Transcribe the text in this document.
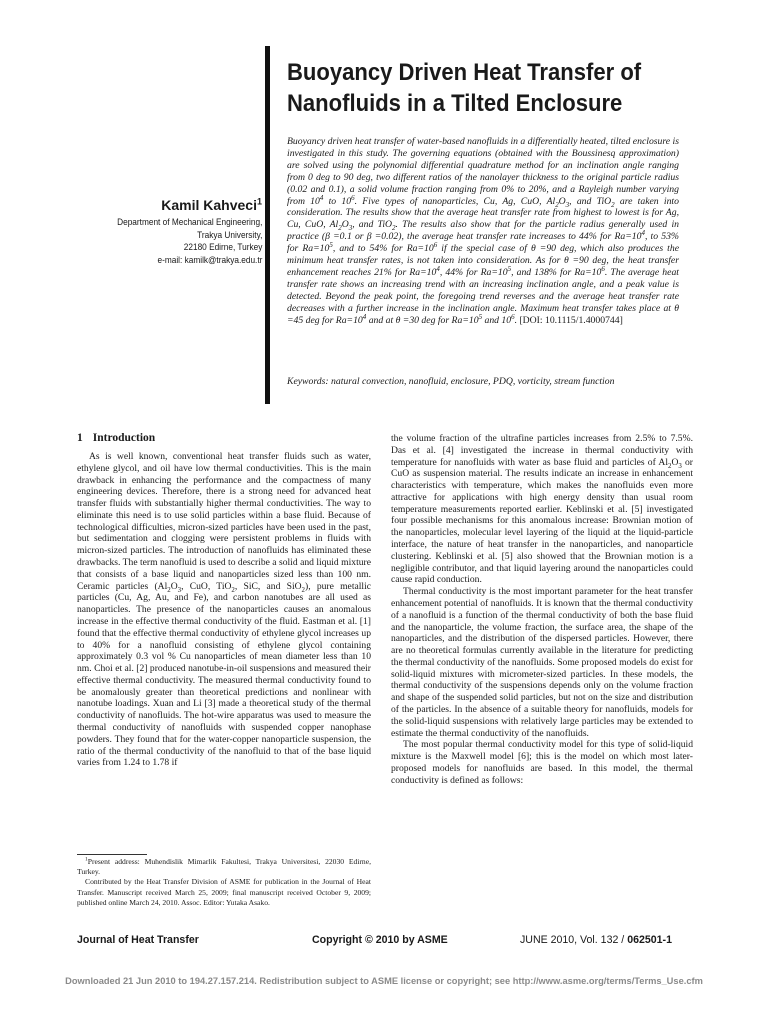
Buoyancy Driven Heat Transfer of
Nanofluids in a Tilted Enclosure
Kamil Kahveci$^1$
Department of Mechanical Engineering,
Trakya University,
22180 Edirne, Turkey
e-mail: kamilk@trakya.edu.tr

Buoyancy driven heat transfer of water-based nanofluids in a differentially heated, tilted enclosure is investigated in this study. The governing equations (obtained with the Boussinesq approximation) are solved using the polynomial differential quadrature method for an inclination angle ranging from 0 deg to 90 deg, two different ratios of the nanolayer thickness to the original particle radius (0.02 and 0.1), a solid volume fraction ranging from 0% to 20%, and a Rayleigh number varying from $10^4$ to $10^6$. Five types of nanoparticles, Cu, Ag, CuO, $Al_2O_3$, and TiO$_2$ are taken into consideration. The results show that the average heat transfer rate from highest to lowest is for Ag, Cu, CuO, $Al_2O_3$, and TiO$_2$. The results also show that for the particle radius generally used in practice (β =0.1 or β =0.02), the average heat transfer rate increases to 44% for $Ra=10^4$, to 53% for $Ra=10^5$, and to 54% for $Ra=10^6$ if the special case of θ =90 deg, which also produces the minimum heat transfer rates, is not taken into consideration. As for θ =90 deg, the heat transfer enhancement reaches 21% for $Ra=10^4$, 44% for $Ra=10^5$, and 138% for $Ra=10^6$. The average heat transfer rate shows an increasing trend with an increasing inclination angle, and a peak value is detected. Beyond the peak point, the foregoing trend reverses and the average heat transfer rate decreases with a further increase in the inclination angle. Maximum heat transfer takes place at θ =45 deg for $Ra=10^4$ and at θ =30 deg for $Ra=10^5$ and $10^6$. [DOI: 10.1115/1.4000744]

Keywords: natural convection, nanofluid, enclosure, PDQ, vorticity, stream function

1 Introduction

As is well known, conventional heat transfer fluids such as water, ethylene glycol, and oil have low thermal conductivities. This is the main drawback in enhancing the performance and the compactness of many engineering devices. Therefore, there is a strong need for advanced heat transfer fluids with substantially higher thermal conductivities. The way to eliminate this need is to use solid particles within a base fluid. Because of technological difficulties, micron-sized particles have been used in the past, but sedimentation and clogging were persistent problems in fluids with micron-sized particles. The introduction of nanofluids has eliminated these drawbacks. The term nanofluid is used to describe a solid and liquid mixture that consists of a base liquid and nanoparticles sized less than 100 nm. Ceramic particles ($Al_2O_3$, CuO, TiO$_2$, SiC, and SiO$_2$), pure metallic particles (Cu, Ag, Au, and Fe), and carbon nanotubes are all used as nanoparticles. The presence of the nanoparticles causes an anomalous increase in the effective thermal conductivity of the fluid. Eastman et al. [1] found that the effective thermal conductivity of ethylene glycol increases up to 40% for a nanofluid consisting of ethylene glycol containing approximately 0.3 vol % Cu nanoparticles of mean diameter less than 10 nm. Choi et al. [2] produced nanotube-in-oil suspensions and measured their effective thermal conductivity. The measured thermal conductivity found to be anomalously greater than theoretical predictions and nonlinear with nanotube loadings. Xuan and Li [3] made a theoretical study of the thermal conductivity of nanofluids. The hot-wire apparatus was used to measure the thermal conductivity of nanofluids with suspended copper nanophase powders. They found that for the water-copper nanoparticle suspension, the ratio of the thermal conductivity of the nanofluid to that of the base liquid varies from 1.24 to 1.78 if

$^1$Present address: Muhendislik Mimarlik Fakultesi, Trakya Universitesi, 22030 Edirne, Turkey.

Contributed by the Heat Transfer Division of ASME for publication in the Journal of Heat Transfer. Manuscript received March 25, 2009; final manuscript received October 9, 2009; published online March 24, 2010. Assoc. Editor: Yutaka Asako.

the volume fraction of the ultrafine particles increases from 2.5% to 7.5%. Das et al. [4] investigated the increase in thermal conductivity with temperature for nanofluids with water as base fluid and particles of $Al_2O_3$ or CuO as suspension material. The results indicate an increase in enhancement characteristics with temperature, which makes the nanofluids even more attractive for applications with high energy density than usual room temperature measurements reported earlier. Keblinski et al. [5] investigated four possible mechanisms for this anomalous increase: Brownian motion of the nanoparticles, molecular level layering of the liquid at the liquid-particle interface, the nature of heat transfer in the nanoparticles, and nanoparticle clustering. Keblinski et al. [5] also showed that the Brownian motion is a negligible contributor, and that liquid layering around the nanoparticles could cause rapid conduction.

Thermal conductivity is the most important parameter for the heat transfer enhancement potential of nanofluids. It is known that the thermal conductivity of a nanofluid is a function of the thermal conductivity of both the base fluid and the nanoparticle, the volume fraction, the surface area, the shape of the nanoparticles, and the distribution of the dispersed particles. However, there are no theoretical formulas currently available in the literature for predicting the thermal conductivity of the nanofluids. Some proposed models do exist for solid-liquid mixtures with micrometer-sized particles. In these models, the thermal conductivity of the suspensions depends only on the volume fraction and shape of the suspended solid particles, but not on the size and distribution of the particles. In the absence of a suitable theory for nanofluids, models for the solid-liquid suspensions with relatively large particles may be extended to estimate the thermal conductivity of the nanofluids.

The most popular thermal conductivity model for this type of solid-liquid mixture is the Maxwell model [6]; this is the model on which most later-proposed models for nanofluids are based. In this model, the thermal conductivity is defined as follows:

Journal of Heat Transfer	Copyright © 2010 by ASME	JUNE 2010, Vol. 132 / 062501-1
Downloaded 21 Jun 2010 to 194.27.157.214. Redistribution subject to ASME license or copyright; see http://www.asme.org/terms/Terms_Use.cfm
